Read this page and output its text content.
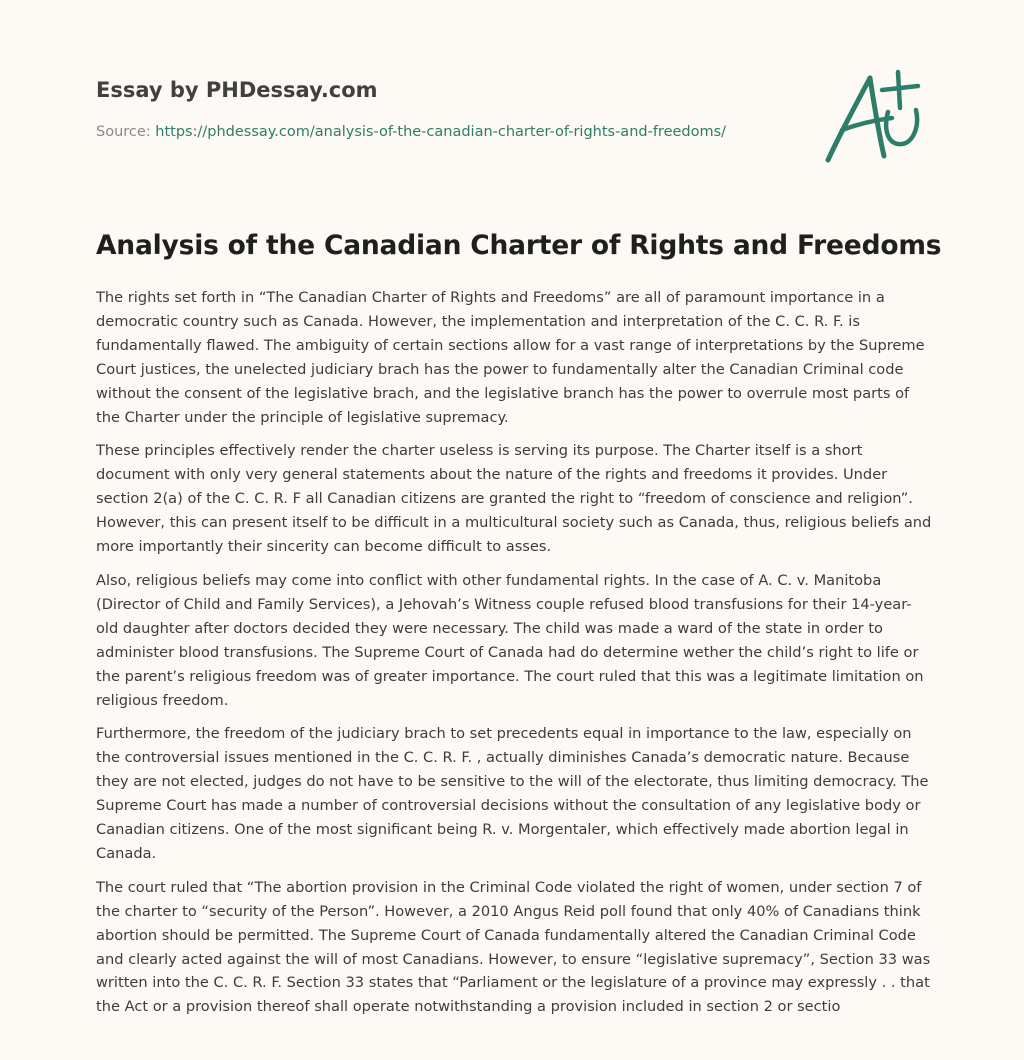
Essay by PHDessay.com
Source: https://phdessay.com/analysis-of-the-canadian-charter-of-rights-and-freedoms/
Analysis of the Canadian Charter of Rights and Freedoms

The rights set forth in “The Canadian Charter of Rights and Freedoms” are all of paramount importance in a democratic country such as Canada. However, the implementation and interpretation of the C. C. R. F. is fundamentally flawed. The ambiguity of certain sections allow for a vast range of interpretations by the Supreme Court justices, the unelected judiciary brach has the power to fundamentally alter the Canadian Criminal code without the consent of the legislative brach, and the legislative branch has the power to overrule most parts of the Charter under the principle of legislative supremacy.

These principles effectively render the charter useless is serving its purpose. The Charter itself is a short document with only very general statements about the nature of the rights and freedoms it provides. Under section 2(a) of the C. C. R. F all Canadian citizens are granted the right to “freedom of conscience and religion”. However, this can present itself to be difficult in a multicultural society such as Canada, thus, religious beliefs and more importantly their sincerity can become difficult to asses.

Also, religious beliefs may come into conflict with other fundamental rights. In the case of A. C. v. Manitoba (Director of Child and Family Services), a Jehovah’s Witness couple refused blood transfusions for their 14-year-old daughter after doctors decided they were necessary. The child was made a ward of the state in order to administer blood transfusions. The Supreme Court of Canada had do determine wether the child’s right to life or the parent’s religious freedom was of greater importance. The court ruled that this was a legitimate limitation on religious freedom.

Furthermore, the freedom of the judiciary brach to set precedents equal in importance to the law, especially on the controversial issues mentioned in the C. C. R. F. , actually diminishes Canada’s democratic nature. Because they are not elected, judges do not have to be sensitive to the will of the electorate, thus limiting democracy. The Supreme Court has made a number of controversial decisions without the consultation of any legislative body or Canadian citizens. One of the most significant being R. v. Morgentaler, which effectively made abortion legal in Canada.

The court ruled that “The abortion provision in the Criminal Code violated the right of women, under section 7 of the charter to “security of the Person”. However, a 2010 Angus Reid poll found that only 40% of Canadians think abortion should be permitted. The Supreme Court of Canada fundamentally altered the Canadian Criminal Code and clearly acted against the will of most Canadians. However, to ensure “legislative supremacy”, Section 33 was written into the C. C. R. F. Section 33 states that “Parliament or the legislature of a province may expressly . . that the Act or a provision thereof shall operate notwithstanding a provision included in section 2 or sectio
